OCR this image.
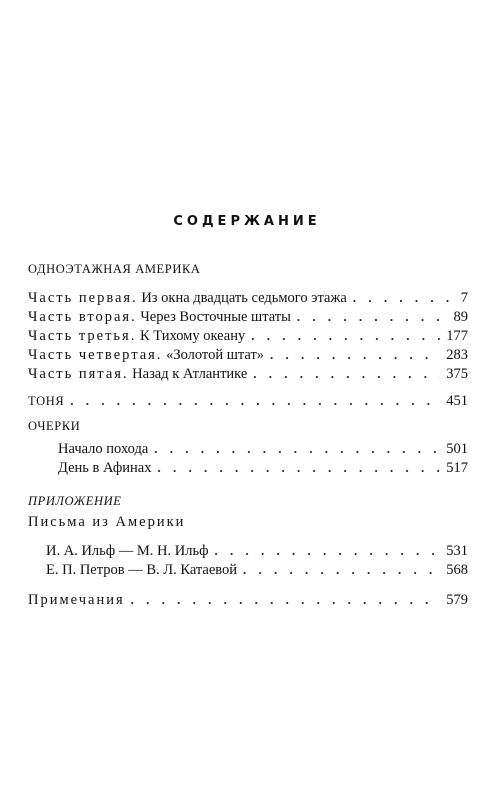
СОДЕРЖАНИЕ
ОДНОЭТАЖНАЯ АМЕРИКА
Часть первая. Из окна двадцать седьмого этажа . . .	7
Часть вторая. Через Восточные штаты . . .	89
Часть третья. К Тихому океану . . .	177
Часть четвертая. «Золотой штат» . . .	283
Часть пятая. Назад к Атлантике . . .	375
ТОНЯ . . .	451
ОЧЕРКИ
Начало похода . . .	501
День в Афинах . . .	517
ПРИЛОЖЕНИЕ
Письма из Америки
И. А. Ильф — М. Н. Ильф . . .	531
Е. П. Петров — В. Л. Катаевой . . .	568
Примечания . . .	579
